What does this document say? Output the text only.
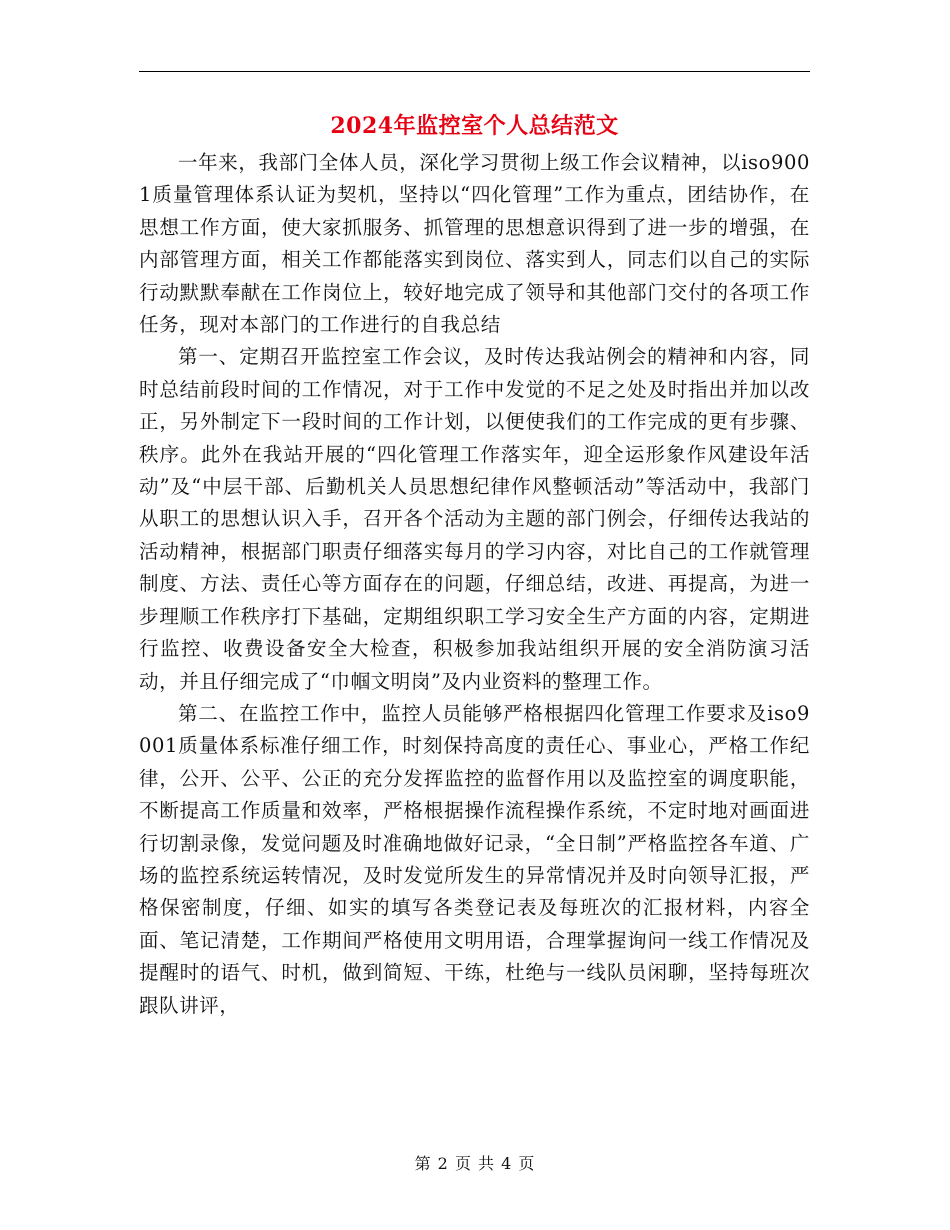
2024年监控室个人总结范文

一年来，我部门全体人员，深化学习贯彻上级工作会议精神，以iso9001质量管理体系认证为契机，坚持以“四化管理”工作为重点，团结协作，在思想工作方面，使大家抓服务、抓管理的思想意识得到了进一步的增强，在内部管理方面，相关工作都能落实到岗位、落实到人，同志们以自己的实际行动默默奉献在工作岗位上，较好地完成了领导和其他部门交付的各项工作任务，现对本部门的工作进行的自我总结

第一、定期召开监控室工作会议，及时传达我站例会的精神和内容，同时总结前段时间的工作情况，对于工作中发觉的不足之处及时指出并加以改正，另外制定下一段时间的工作计划，以便使我们的工作完成的更有步骤、秩序。此外在我站开展的“四化管理工作落实年，迎全运形象作风建设年活动”及“中层干部、后勤机关人员思想纪律作风整顿活动”等活动中，我部门从职工的思想认识入手，召开各个活动为主题的部门例会，仔细传达我站的活动精神，根据部门职责仔细落实每月的学习内容，对比自己的工作就管理制度、方法、责任心等方面存在的问题，仔细总结，改进、再提高，为进一步理顺工作秩序打下基础，定期组织职工学习安全生产方面的内容，定期进行监控、收费设备安全大检查，积极参加我站组织开展的安全消防演习活动，并且仔细完成了“巾帼文明岗”及内业资料的整理工作。

第二、在监控工作中，监控人员能够严格根据四化管理工作要求及iso9001质量体系标准仔细工作，时刻保持高度的责任心、事业心，严格工作纪律，公开、公平、公正的充分发挥监控的监督作用以及监控室的调度职能，不断提高工作质量和效率，严格根据操作流程操作系统，不定时地对画面进行切割录像，发觉问题及时准确地做好记录，“全日制”严格监控各车道、广场的监控系统运转情况，及时发觉所发生的异常情况并及时向领导汇报，严格保密制度，仔细、如实的填写各类登记表及每班次的汇报材料，内容全面、笔记清楚，工作期间严格使用文明用语，合理掌握询问一线工作情况及提醒时的语气、时机，做到简短、干练，杜绝与一线队员闲聊，坚持每班次跟队讲评，

第 2 页 共 4 页
